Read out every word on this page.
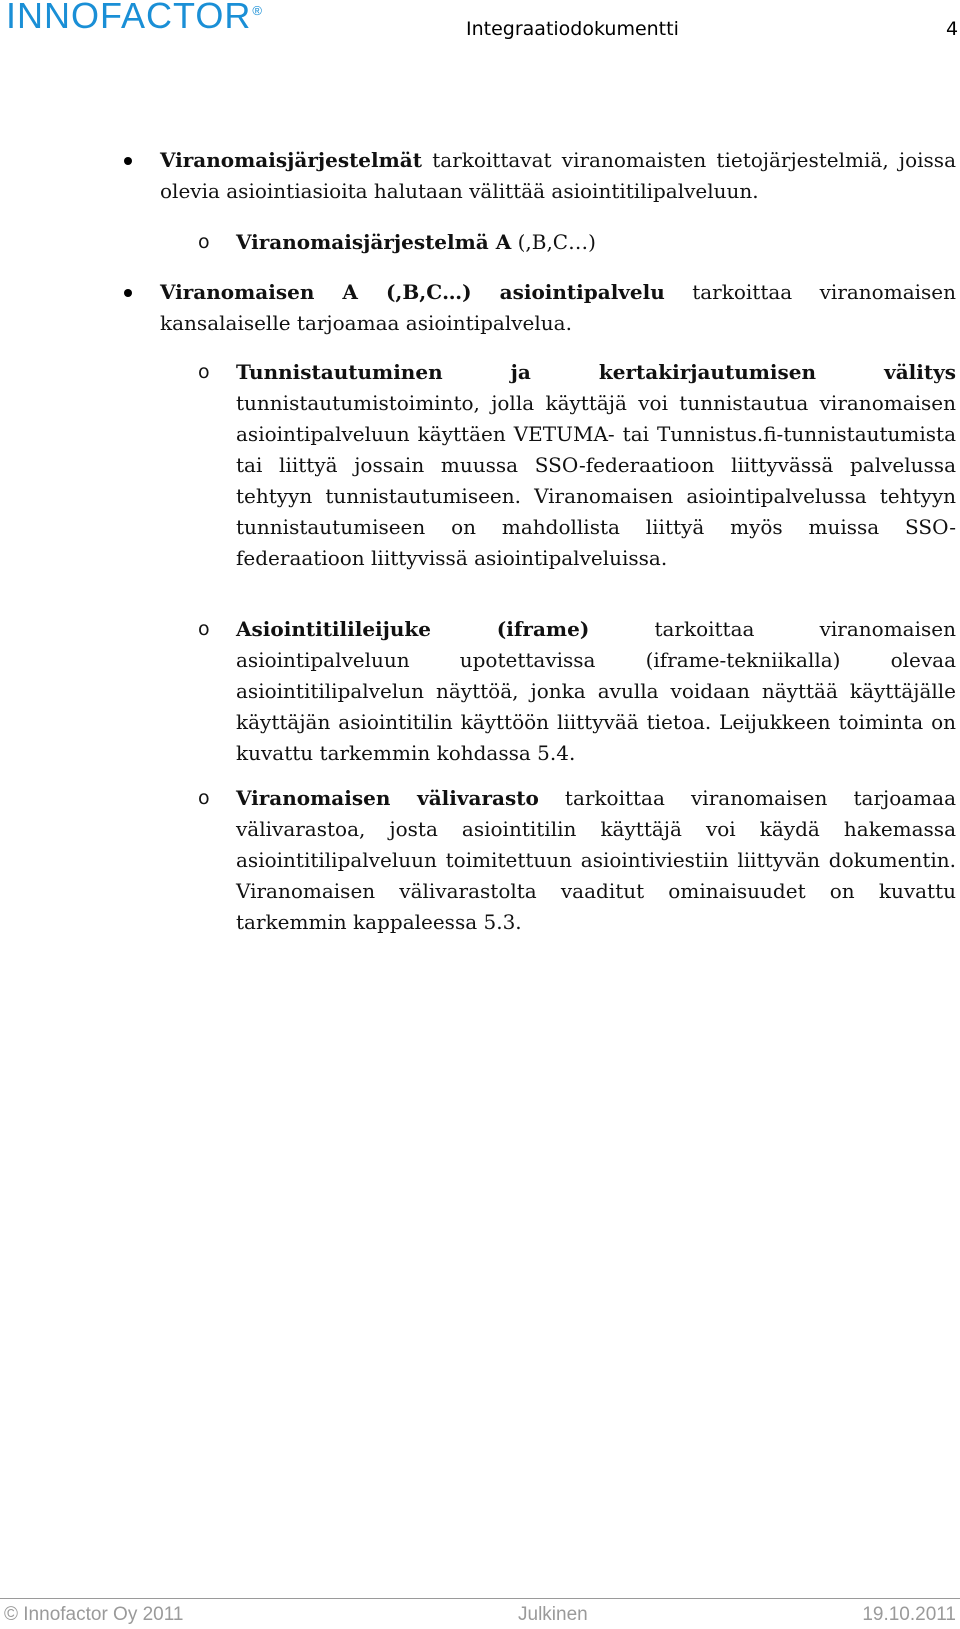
INNOFACTOR®
Integraatiodokumentti	4
Viranomaisjärjestelmät tarkoittavat viranomaisten tietojärjestelmiä, joissa olevia asiointiasioita halutaan välittää asiointitilipalveluun.
o Viranomaisjärjestelmä A (,B,C…)
Viranomaisen A (,B,C…) asiointipalvelu tarkoittaa viranomaisen kansalaiselle tarjoamaa asiointipalvelua.
o Tunnistautuminen ja kertakirjautumisen välitys tunnistautumistoiminto, jolla käyttäjä voi tunnistautua viranomaisen asiointipalveluun käyttäen VETUMA- tai Tunnistus.fi-tunnistautumista tai liittyä jossain muussa SSO-federaatioon liittyvässä palvelussa tehtyyn tunnistautumiseen. Viranomaisen asiointipalvelussa tehtyyn tunnistautumiseen on mahdollista liittyä myös muissa SSO-federaatioon liittyvissä asiointipalveluissa.
o Asiointitilileijuke (iframe) tarkoittaa viranomaisen asiointipalveluun upotettavissa (iframe-tekniikalla) olevaa asiointitilipalvelun näyttöä, jonka avulla voidaan näyttää käyttäjälle käyttäjän asiointitilin käyttöön liittyvää tietoa. Leijukkeen toiminta on kuvattu tarkemmin kohdassa 5.4.
o Viranomaisen välivarasto tarkoittaa viranomaisen tarjoamaa välivarastoa, josta asiointitilin käyttäjä voi käydä hakemassa asiointitilipalveluun toimitettuun asiointiviestiin liittyvän dokumentin. Viranomaisen välivarastolta vaaditut ominaisuudet on kuvattu tarkemmin kappaleessa 5.3.
© Innofactor Oy 2011	Julkinen	19.10.2011
